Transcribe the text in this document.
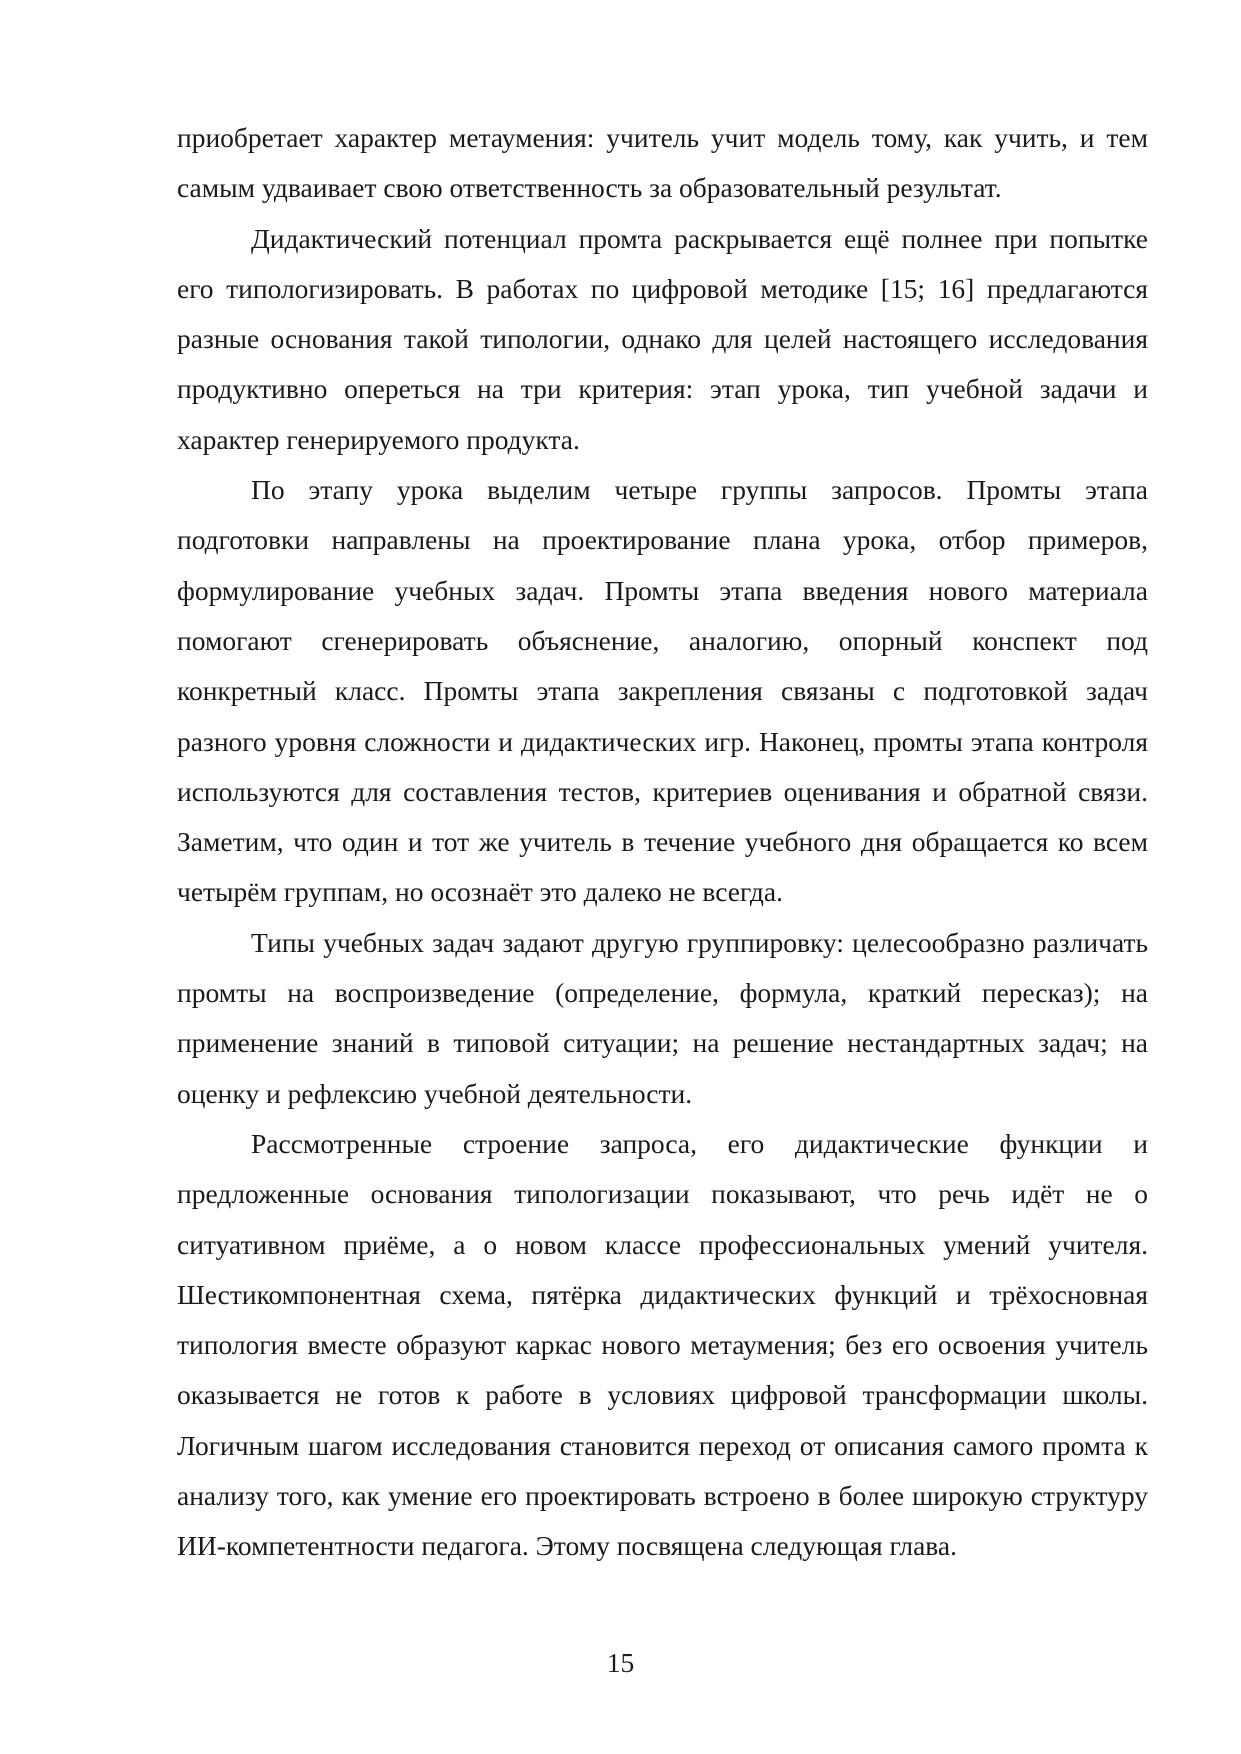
приобретает характер метаумения: учитель учит модель тому, как учить, и тем самым удваивает свою ответственность за образовательный результат.

Дидактический потенциал промта раскрывается ещё полнее при попытке его типологизировать. В работах по цифровой методике [15; 16] предлагаются разные основания такой типологии, однако для целей настоящего исследования продуктивно опереться на три критерия: этап урока, тип учебной задачи и характер генерируемого продукта.

По этапу урока выделим четыре группы запросов. Промты этапа подготовки направлены на проектирование плана урока, отбор примеров, формулирование учебных задач. Промты этапа введения нового материала помогают сгенерировать объяснение, аналогию, опорный конспект под конкретный класс. Промты этапа закрепления связаны с подготовкой задач разного уровня сложности и дидактических игр. Наконец, промты этапа контроля используются для составления тестов, критериев оценивания и обратной связи. Заметим, что один и тот же учитель в течение учебного дня обращается ко всем четырём группам, но осознаёт это далеко не всегда.

Типы учебных задач задают другую группировку: целесообразно различать промты на воспроизведение (определение, формула, краткий пересказ); на применение знаний в типовой ситуации; на решение нестандартных задач; на оценку и рефлексию учебной деятельности.

Рассмотренные строение запроса, его дидактические функции и предложенные основания типологизации показывают, что речь идёт не о ситуативном приёме, а о новом классе профессиональных умений учителя. Шестикомпонентная схема, пятёрка дидактических функций и трёхосновная типология вместе образуют каркас нового метаумения; без его освоения учитель оказывается не готов к работе в условиях цифровой трансформации школы. Логичным шагом исследования становится переход от описания самого промта к анализу того, как умение его проектировать встроено в более широкую структуру ИИ-компетентности педагога. Этому посвящена следующая глава.

15
